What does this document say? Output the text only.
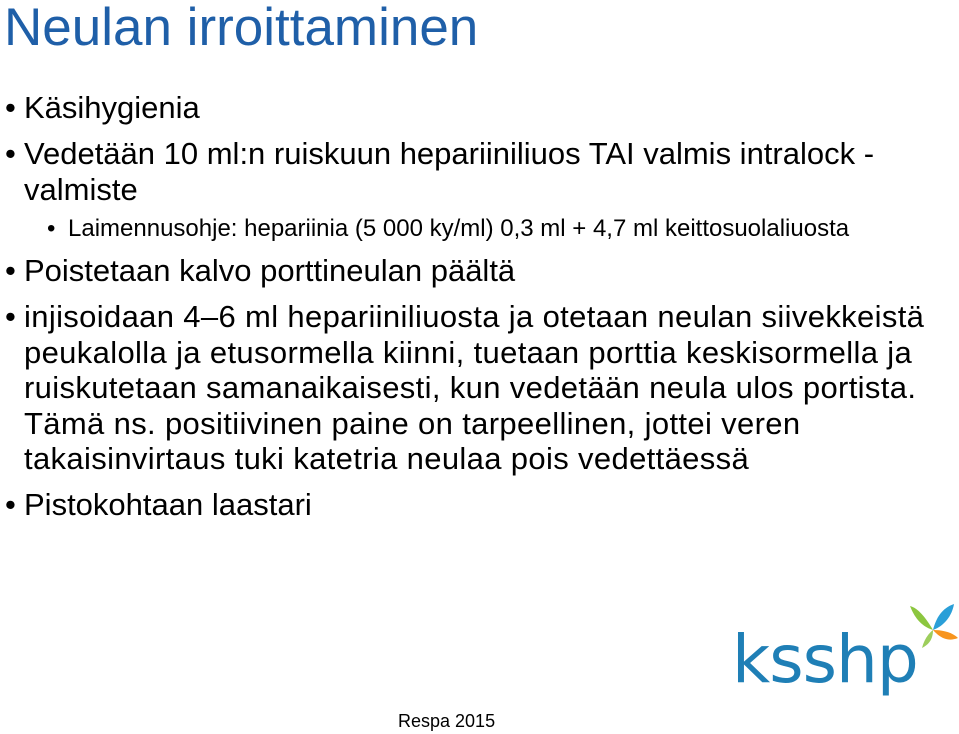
Neulan irroittaminen
• Käsihygienia
• Vedetään 10 ml:n ruiskuun hepariiniliuos TAI valmis intralock - valmiste
• Laimennusohje: hepariinia (5 000 ky/ml) 0,3 ml + 4,7 ml keittosuolaliuosta
• Poistetaan kalvo porttineulan päältä
• injisoidaan 4–6 ml hepariiniliuosta ja otetaan neulan siivekkeistä peukalolla ja etusormella kiinni, tuetaan porttia keskisormella ja ruiskutetaan samanaikaisesti, kun vedetään neula ulos portista. Tämä ns. positiivinen paine on tarpeellinen, jottei veren takaisinvirtaus tuki katetria neulaa pois vedettäessä
• Pistokohtaan laastari
ksshp
Respa 2015
